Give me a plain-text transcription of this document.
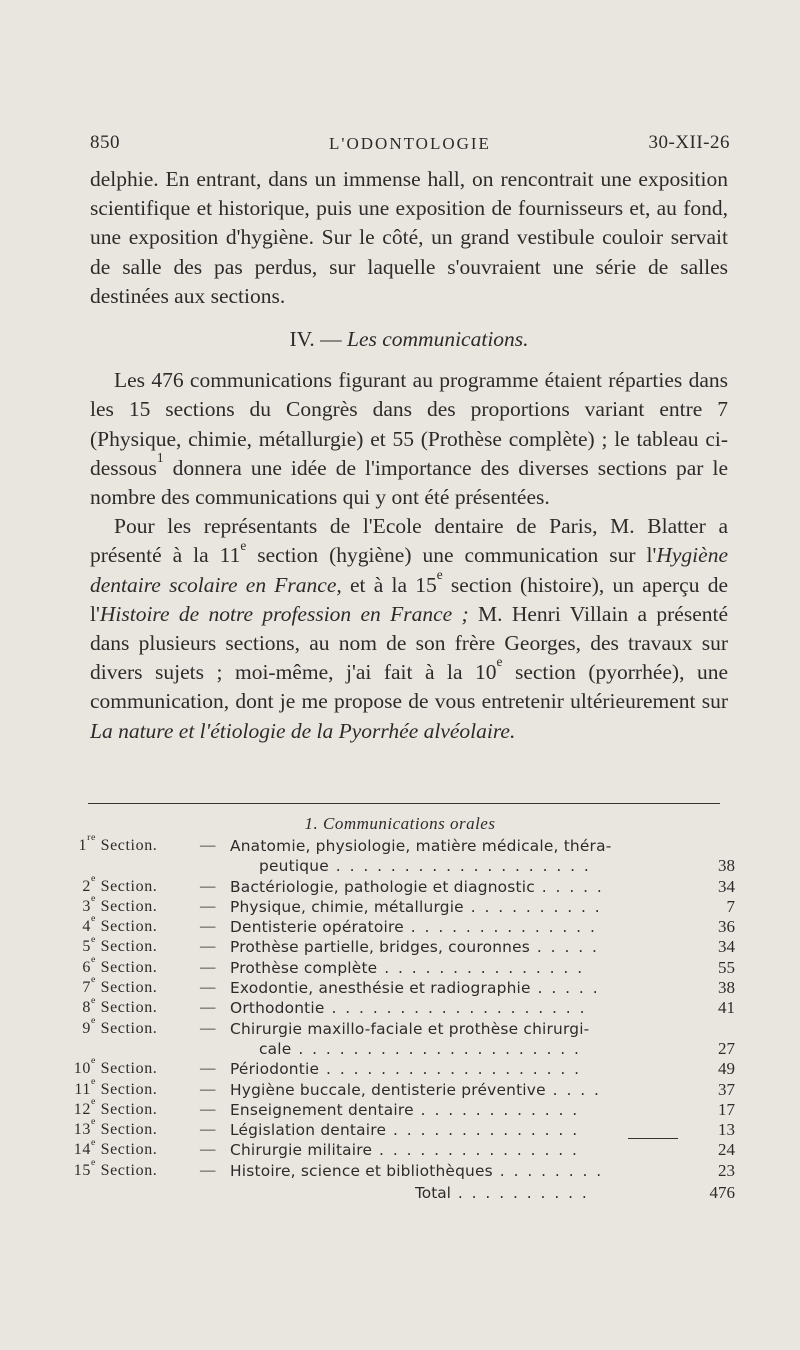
850	L'ODONTOLOGIE	30-XII-26

delphie. En entrant, dans un immense hall, on rencontrait une exposition scientifique et historique, puis une exposition de fournisseurs et, au fond, une exposition d'hygiène. Sur le côté, un grand vestibule couloir servait de salle des pas perdus, sur laquelle s'ouvraient une série de salles destinées aux sections.

IV. — Les communications.

Les 476 communications figurant au programme étaient réparties dans les 15 sections du Congrès dans des proportions variant entre 7 (Physique, chimie, métallurgie) et 55 (Prothèse complète) ; le tableau ci-dessous$^1$ donnera une idée de l'importance des diverses sections par le nombre des communications qui y ont été présentées.

Pour les représentants de l'Ecole dentaire de Paris, M. Blatter a présenté à la 11e section (hygiène) une communication sur l'Hygiène dentaire scolaire en France, et à la 15e section (histoire), un aperçu de l'Histoire de notre profession en France ; M. Henri Villain a présenté dans plusieurs sections, au nom de son frère Georges, des travaux sur divers sujets ; moi-même, j'ai fait à la 10e section (pyorrhée), une communication, dont je me propose de vous entretenir ultérieurement sur La nature et l'étiologie de la Pyorrhée alvéolaire.

1. Communications orales
1re Section.	— Anatomie, physiologie, matière médicale, théra-
peutique . . . . . . . . . . . . . . . . . . .	38
2e Section.	— Bactériologie, pathologie et diagnostic . . . . .	34
3e Section.	— Physique, chimie, métallurgie . . . . . . . . . .	7
4e Section.	— Dentisterie opératoire . . . . . . . . . . . . . .	36
5e Section.	— Prothèse partielle, bridges, couronnes . . . . .	34
6e Section.	— Prothèse complète . . . . . . . . . . . . . . .	55
7e Section.	— Exodontie, anesthésie et radiographie . . . . .	38
8e Section.	— Orthodontie . . . . . . . . . . . . . . . . . . .	41
9e Section.	— Chirurgie maxillo-faciale et prothèse chirurgi-
cale . . . . . . . . . . . . . . . . . . . . .	27
10e Section.	— Périodontie . . . . . . . . . . . . . . . . . . .	49
11e Section.	— Hygiène buccale, dentisterie préventive . . . .	37
12e Section.	— Enseignement dentaire . . . . . . . . . . . .	17
13e Section.	— Législation dentaire . . . . . . . . . . . . . .	13
14e Section.	— Chirurgie militaire . . . . . . . . . . . . . . .	24
15e Section.	— Histoire, science et bibliothèques . . . . . . . .	23
Total . . . . . . . . . .	476
